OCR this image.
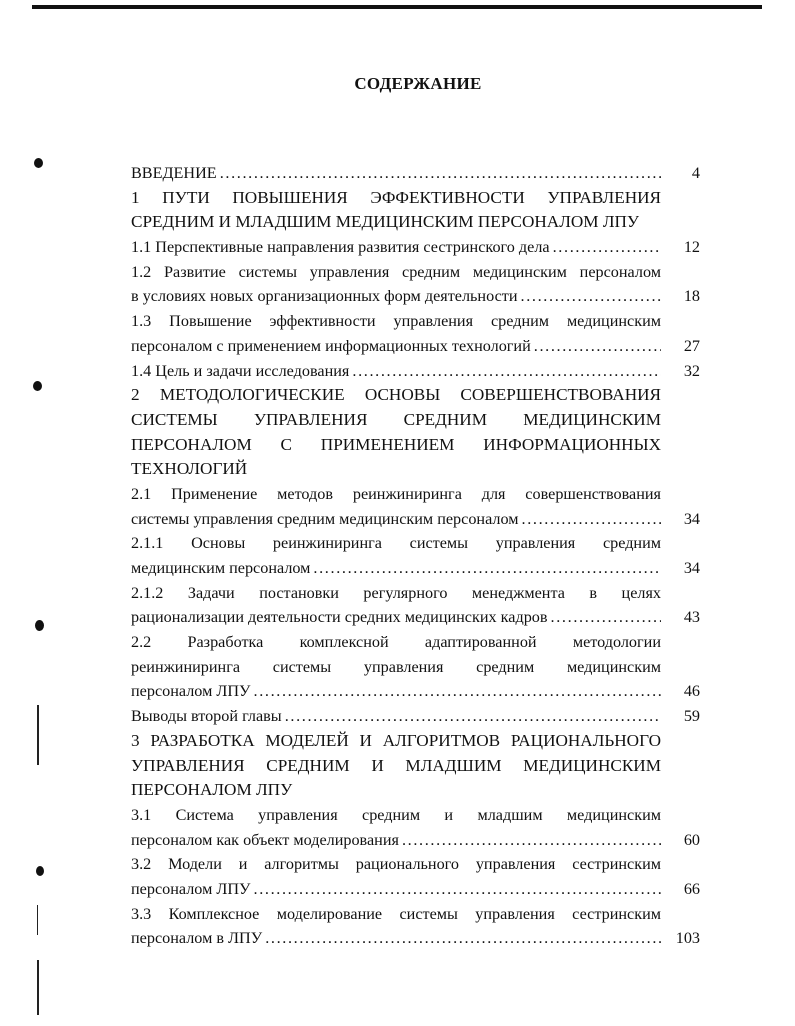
СОДЕРЖАНИЕ
ВВЕДЕНИЕ . . .	4
1 ПУТИ ПОВЫШЕНИЯ ЭФФЕКТИВНОСТИ УПРАВЛЕНИЯ
СРЕДНИМ И МЛАДШИМ МЕДИЦИНСКИМ ПЕРСОНАЛОМ ЛПУ
1.1 Перспективные направления развития сестринского дела . . .	12
1.2 Развитие системы управления средним медицинским персоналом
в условиях новых организационных форм деятельности . . .	18
1.3 Повышение эффективности управления средним медицинским
персоналом с применением информационных технологий . . .	27
1.4 Цель и задачи исследования . . .	32
2 МЕТОДОЛОГИЧЕСКИЕ ОСНОВЫ СОВЕРШЕНСТВОВАНИЯ
СИСТЕМЫ УПРАВЛЕНИЯ СРЕДНИМ МЕДИЦИНСКИМ
ПЕРСОНАЛОМ С ПРИМЕНЕНИЕМ ИНФОРМАЦИОННЫХ
ТЕХНОЛОГИЙ
2.1 Применение методов реинжиниринга для совершенствования
системы управления средним медицинским персоналом . . .	34
2.1.1 Основы реинжиниринга системы управления средним
медицинским персоналом . . .	34
2.1.2 Задачи постановки регулярного менеджмента в целях
рационализации деятельности средних медицинских кадров . . .	43
2.2 Разработка комплексной адаптированной методологии
реинжиниринга системы управления средним медицинским
персоналом ЛПУ . . .	46
Выводы второй главы . . .	59
3 РАЗРАБОТКА МОДЕЛЕЙ И АЛГОРИТМОВ РАЦИОНАЛЬНОГО
УПРАВЛЕНИЯ СРЕДНИМ И МЛАДШИМ МЕДИЦИНСКИМ
ПЕРСОНАЛОМ ЛПУ
3.1 Система управления средним и младшим медицинским
персоналом как объект моделирования . . .	60
3.2 Модели и алгоритмы рационального управления сестринским
персоналом ЛПУ . . .	66
3.3 Комплексное моделирование системы управления сестринским
персоналом в ЛПУ . . .	103
